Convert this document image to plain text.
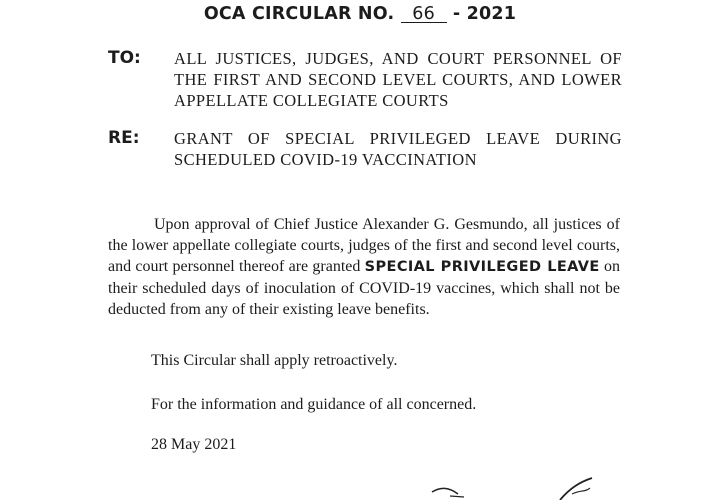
OCA CIRCULAR NO. 66 - 2021
TO: ALL JUSTICES, JUDGES, AND COURT PERSONNEL OF THE FIRST AND SECOND LEVEL COURTS, AND LOWER APPELLATE COLLEGIATE COURTS
RE: GRANT OF SPECIAL PRIVILEGED LEAVE DURING SCHEDULED COVID-19 VACCINATION
Upon approval of Chief Justice Alexander G. Gesmundo, all justices of the lower appellate collegiate courts, judges of the first and second level courts, and court personnel thereof are granted SPECIAL PRIVILEGED LEAVE on their scheduled days of inoculation of COVID-19 vaccines, which shall not be deducted from any of their existing leave benefits.
This Circular shall apply retroactively.
For the information and guidance of all concerned.
28 May 2021
